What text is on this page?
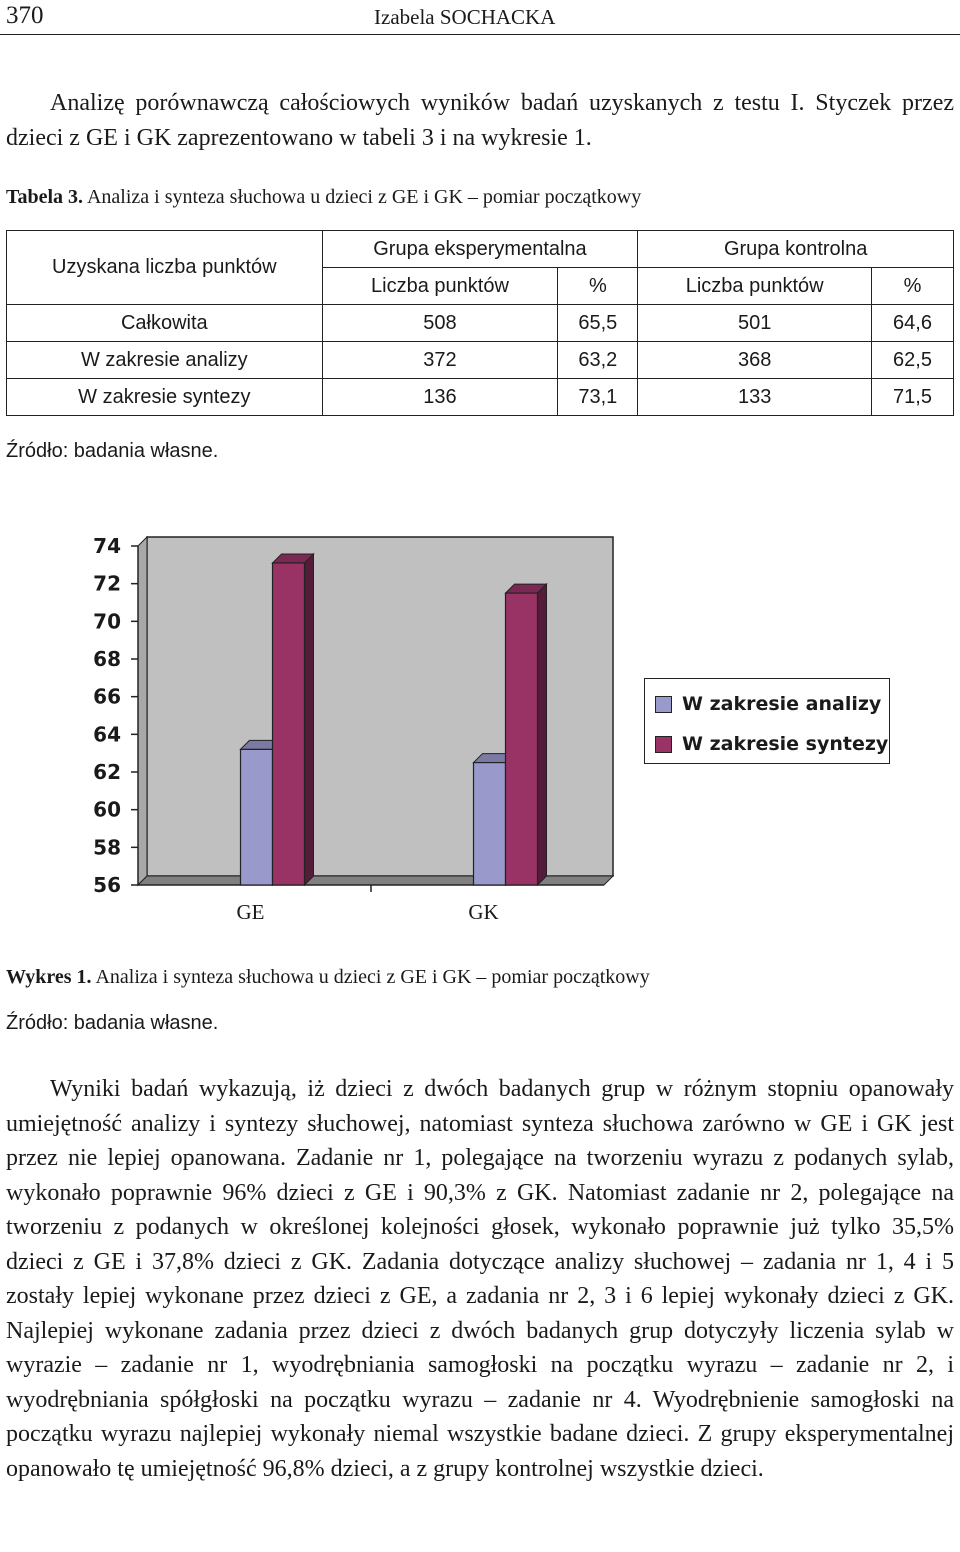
370	Izabela SOCHACKA
Analizę porównawczą całościowych wyników badań uzyskanych z testu I. Styczek przez dzieci z GE i GK zaprezentowano w tabeli 3 i na wykresie 1.
Tabela 3. Analiza i synteza słuchowa u dzieci z GE i GK – pomiar początkowy
Uzyskana liczba punktów	Grupa eksperymentalna		Grupa kontrolna	
	Liczba punktów	%	Liczba punktów	%
Całkowita	508	65,5	501	64,6
W zakresie analizy	372	63,2	368	62,5
W zakresie syntezy	136	73,1	133	71,5
Źródło: badania własne.
74
72
70
68
66
64
62
60
58
56
GE	GK
W zakresie analizy
W zakresie syntezy
Wykres 1. Analiza i synteza słuchowa u dzieci z GE i GK – pomiar początkowy
Źródło: badania własne.
Wyniki badań wykazują, iż dzieci z dwóch badanych grup w różnym stopniu opanowały umiejętność analizy i syntezy słuchowej, natomiast synteza słuchowa zarówno w GE i GK jest przez nie lepiej opanowana. Zadanie nr 1, polegające na tworzeniu wyrazu z podanych sylab, wykonało poprawnie 96% dzieci z GE i 90,3% z GK. Natomiast zadanie nr 2, polegające na tworzeniu z podanych w określonej kolejności głosek, wykonało poprawnie już tylko 35,5% dzieci z GE i 37,8% dzieci z GK. Zadania dotyczące analizy słuchowej – zadania nr 1, 4 i 5 zostały lepiej wykonane przez dzieci z GE, a zadania nr 2, 3 i 6 lepiej wykonały dzieci z GK. Najlepiej wykonane zadania przez dzieci z dwóch badanych grup dotyczyły liczenia sylab w wyrazie – zadanie nr 1, wyodrębniania samogłoski na początku wyrazu – zadanie nr 2, i wyodrębniania spółgłoski na początku wyrazu – zadanie nr 4. Wyodrębnienie samogłoski na początku wyrazu najlepiej wykonały niemal wszystkie badane dzieci. Z grupy eksperymentalnej opanowało tę umiejętność 96,8% dzieci, a z grupy kontrolnej wszystkie dzieci.
